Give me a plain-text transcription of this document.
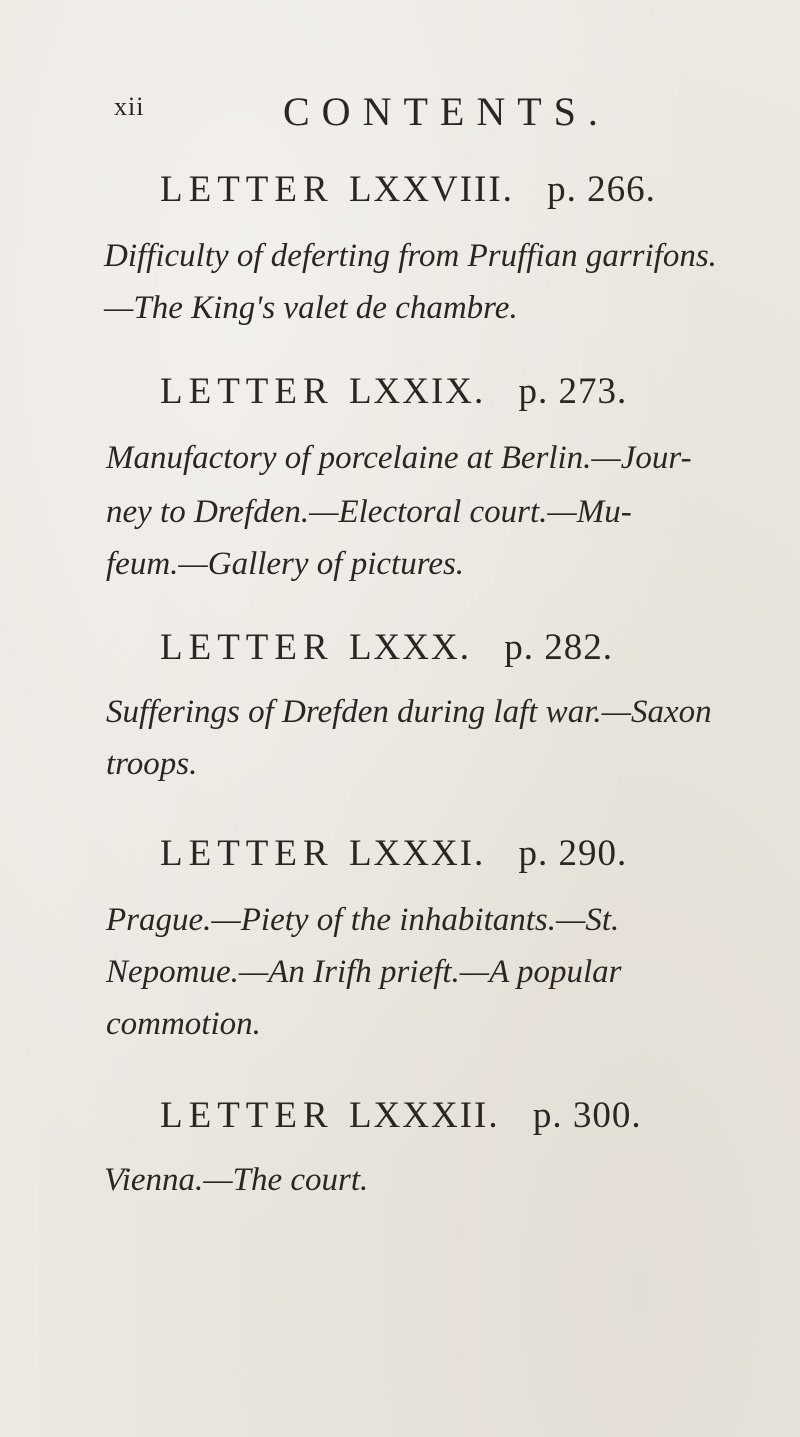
xii	CONTENTS.
LETTER LXXVIII. p. 266.
Difficulty of deferting from Pruffian garrifons.
—The King's valet de chambre.
LETTER LXXIX. p. 273.
Manufactory of porcelaine at Berlin.—Jour-
ney to Drefden.—Electoral court.—Mu-
feum.—Gallery of pictures.
LETTER LXXX. p. 282.
Sufferings of Drefden during laft war.—Saxon
troops.
LETTER LXXXI. p. 290.
Prague.—Piety of the inhabitants.—St.
Nepomue.—An Irifh prieft.—A popular
commotion.
LETTER LXXXII. p. 300.
Vienna.—The court.
